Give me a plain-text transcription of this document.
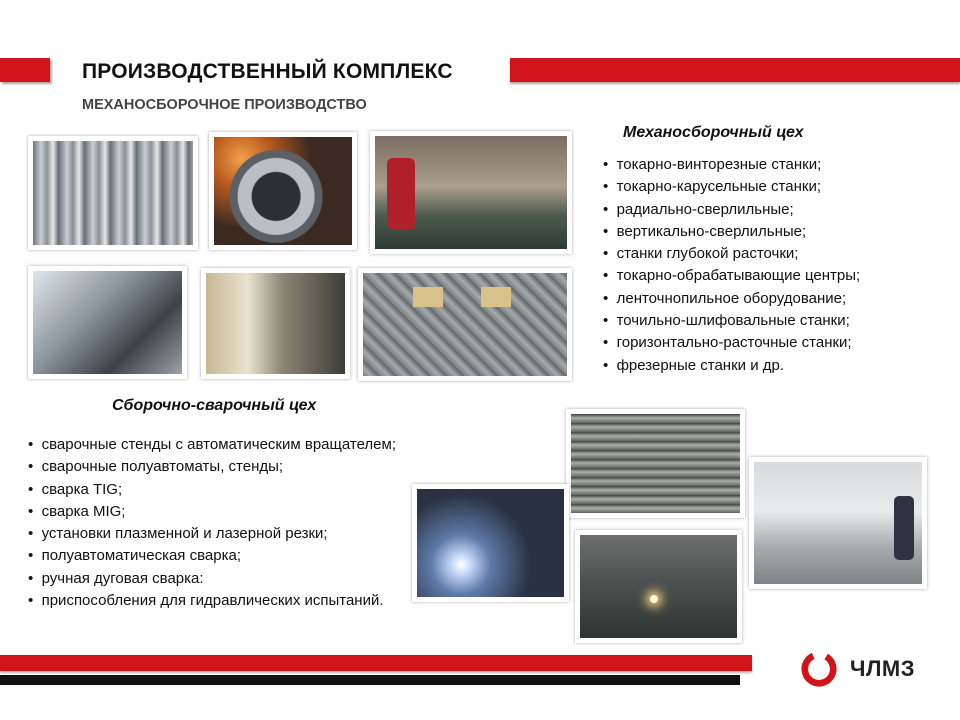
ПРОИЗВОДСТВЕННЫЙ КОМПЛЕКС
МЕХАНОСБОРОЧНОЕ ПРОИЗВОДСТВО
Механосборочный цех
•  токарно-винторезные станки;
•  токарно-карусельные станки;
•  радиально-сверлильные;
•  вертикально-сверлильные;
•  станки глубокой расточки;
•  токарно-обрабатывающие центры;
•  ленточнопильное оборудование;
•  точильно-шлифовальные станки;
•  горизонтально-расточные станки;
•  фрезерные станки и др.
Сборочно-сварочный цех
•  сварочные стенды с автоматическим вращателем;
•  сварочные полуавтоматы, стенды;
•  сварка TIG;
•  сварка MIG;
•  установки плазменной и лазерной резки;
•  полуавтоматическая сварка;
•  ручная дуговая сварка:
•  приспособления для гидравлических испытаний.
ЧЛМЗ
